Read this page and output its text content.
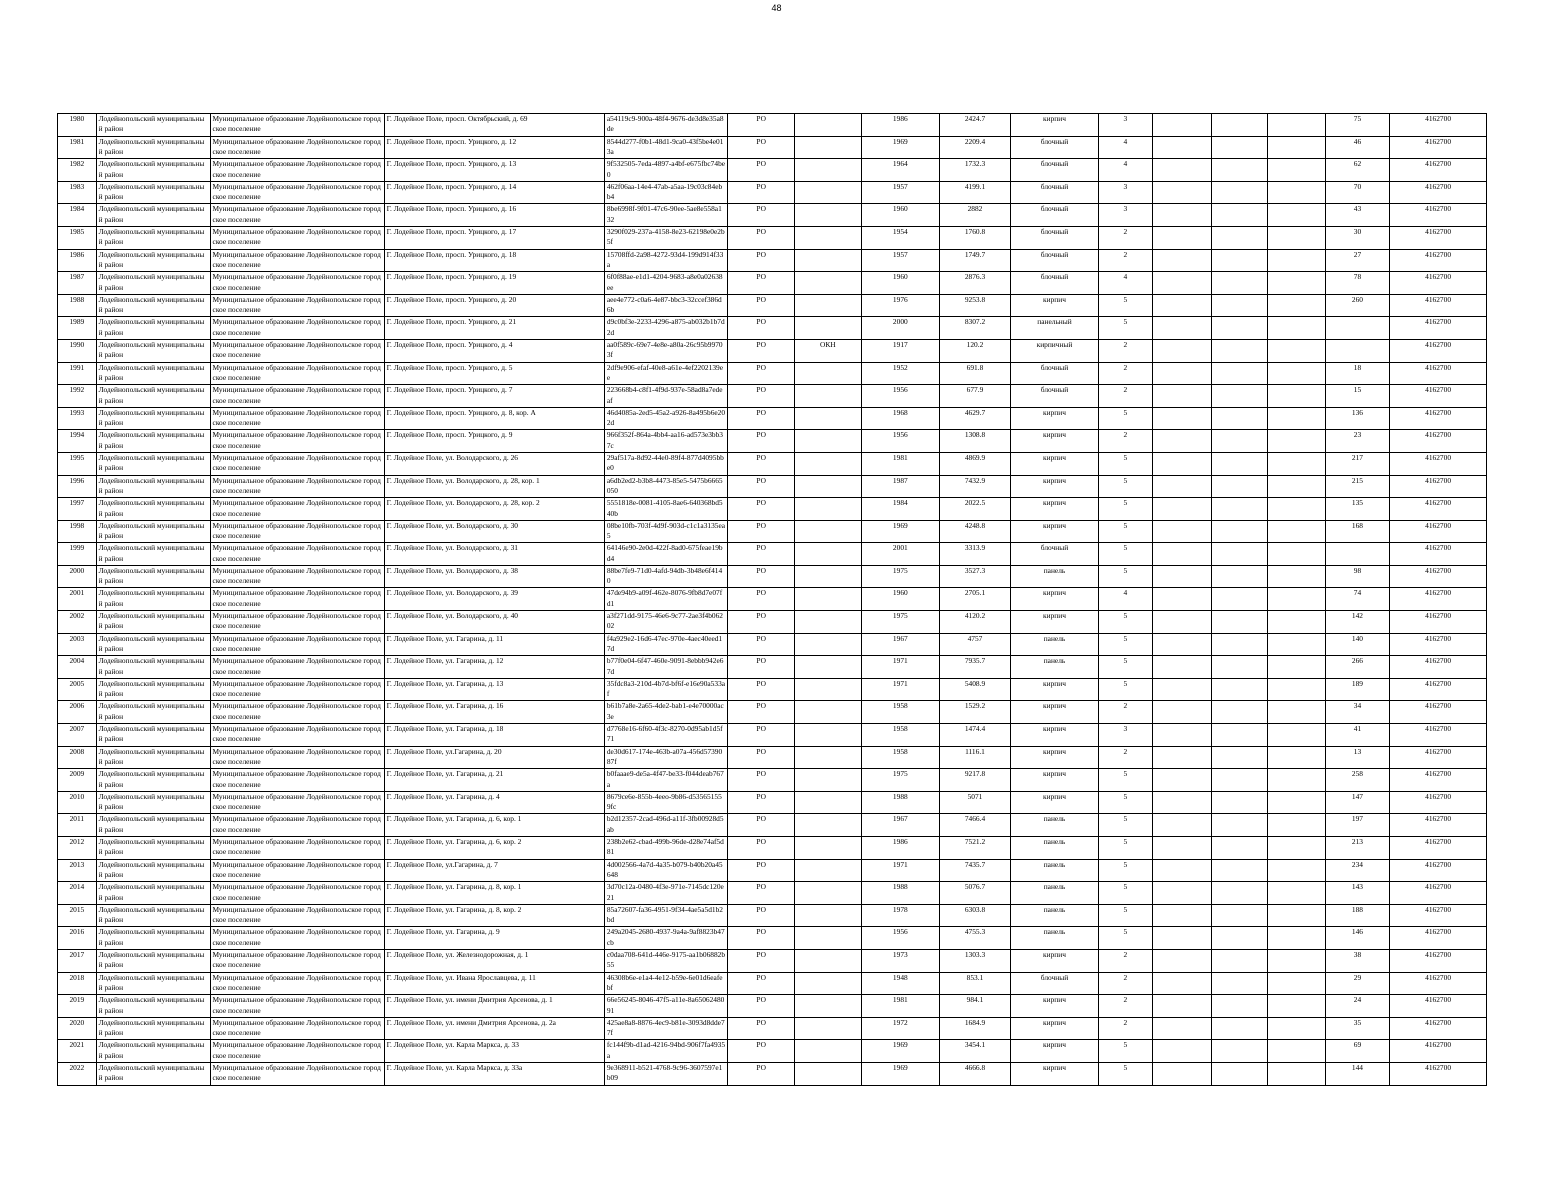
48
1980	Лодейнопольский муниципальный район	Муниципальное образование Лодейнопольское городское поселение	Г. Лодейное Поле, просп. Октябрьский, д. 69	a54119c9-900a-48f4-9676-de3d8e35a8de	РО		1986	2424.7	кирпич	3				75	4162700
1981	Лодейнопольский муниципальный район	Муниципальное образование Лодейнопольское городское поселение	Г. Лодейное Поле, просп. Урицкого, д. 12	8544d277-f0b1-48d1-9ca0-43f5be4e013a	РО		1969	2209.4	блочный	4				46	4162700
1982	Лодейнопольский муниципальный район	Муниципальное образование Лодейнопольское городское поселение	Г. Лодейное Поле, просп. Урицкого, д. 13	9f532505-7eda-4897-a4bf-e675fbc74be0	РО		1964	1732.3	блочный	4				62	4162700
1983	Лодейнопольский муниципальный район	Муниципальное образование Лодейнопольское городское поселение	Г. Лодейное Поле, просп. Урицкого, д. 14	462f06aa-14e4-47ab-a5aa-19c03c84ebb4	РО		1957	4199.1	блочный	3				70	4162700
1984	Лодейнопольский муниципальный район	Муниципальное образование Лодейнопольское городское поселение	Г. Лодейное Поле, просп. Урицкого, д. 16	8be6998f-9f01-47c6-90ee-5ae8e558a132	РО		1960	2882	блочный	3				43	4162700
1985	Лодейнопольский муниципальный район	Муниципальное образование Лодейнопольское городское поселение	Г. Лодейное Поле, просп. Урицкого, д. 17	3290f029-237a-4158-8e23-62198e0e2b5f	РО		1954	1760.8	блочный	2				30	4162700
1986	Лодейнопольский муниципальный район	Муниципальное образование Лодейнопольское городское поселение	Г. Лодейное Поле, просп. Урицкого, д. 18	15708ffd-2a98-4272-93d4-199d914f33a	РО		1957	1749.7	блочный	2				27	4162700
1987	Лодейнопольский муниципальный район	Муниципальное образование Лодейнопольское городское поселение	Г. Лодейное Поле, просп. Урицкого, д. 19	6f0f88ae-e1d1-4204-9683-a8e0a02638ee	РО		1960	2876.3	блочный	4				78	4162700
1988	Лодейнопольский муниципальный район	Муниципальное образование Лодейнопольское городское поселение	Г. Лодейное Поле, просп. Урицкого, д. 20	aee4e772-c0a6-4e87-bbc3-32ccef386d6b	РО		1976	9253.8	кирпич	5				260	4162700
1989	Лодейнопольский муниципальный район	Муниципальное образование Лодейнопольское городское поселение	Г. Лодейное Поле, просп. Урицкого, д. 21	d9c0bf3e-2233-4296-a875-ab032b1b7d2d	РО		2000	8307.2	панельный	5					4162700
1990	Лодейнопольский муниципальный район	Муниципальное образование Лодейнопольское городское поселение	Г. Лодейное Поле, просп. Урицкого, д. 4	aa0f589c-69e7-4e8e-a80a-26c95b99703f	РО	ОКН	1917	120.2	кирпичный	2					4162700
1991	Лодейнопольский муниципальный район	Муниципальное образование Лодейнопольское городское поселение	Г. Лодейное Поле, просп. Урицкого, д. 5	2df9e906-efaf-40e8-a61e-4ef2202139ee	РО		1952	691.8	блочный	2				18	4162700
1992	Лодейнопольский муниципальный район	Муниципальное образование Лодейнопольское городское поселение	Г. Лодейное Поле, просп. Урицкого, д. 7	223668b4-c8f1-4f9d-937e-58ad8a7edeaf	РО		1956	677.9	блочный	2				15	4162700
1993	Лодейнопольский муниципальный район	Муниципальное образование Лодейнопольское городское поселение	Г. Лодейное Поле, просп. Урицкого, д. 8, кор. А	46d4085a-2ed5-45a2-a926-8a495b6e202d	РО		1968	4629.7	кирпич	5				136	4162700
1994	Лодейнопольский муниципальный район	Муниципальное образование Лодейнопольское городское поселение	Г. Лодейное Поле, просп. Урицкого, д. 9	966f352f-864a-4bb4-aa16-ad573e3bb37c	РО		1956	1308.8	кирпич	2				23	4162700
1995	Лодейнопольский муниципальный район	Муниципальное образование Лодейнопольское городское поселение	Г. Лодейное Поле, ул. Володарского, д. 26	29af517a-8d92-44e0-89f4-877d4095bbe0	РО		1981	4869.9	кирпич	5				217	4162700
1996	Лодейнопольский муниципальный район	Муниципальное образование Лодейнопольское городское поселение	Г. Лодейное Поле, ул. Володарского, д. 28, кор. 1	a6db2ed2-b3b8-4473-85e5-5475b6665050	РО		1987	7432.9	кирпич	5				215	4162700
1997	Лодейнопольский муниципальный район	Муниципальное образование Лодейнопольское городское поселение	Г. Лодейное Поле, ул. Володарского, д. 28, кор. 2	5551818e-0081-4105-8ae6-640368bd540b	РО		1984	2022.5	кирпич	5				135	4162700
1998	Лодейнопольский муниципальный район	Муниципальное образование Лодейнопольское городское поселение	Г. Лодейное Поле, ул. Володарского, д. 30	08be10fb-703f-4d9f-903d-c1c1a3135ea5	РО		1969	4248.8	кирпич	5				168	4162700
1999	Лодейнопольский муниципальный район	Муниципальное образование Лодейнопольское городское поселение	Г. Лодейное Поле, ул. Володарского, д. 31	64146e90-2e0d-422f-8ad0-675feae19bd4	РО		2001	3313.9	блочный	5					4162700
2000	Лодейнопольский муниципальный район	Муниципальное образование Лодейнопольское городское поселение	Г. Лодейное Поле, ул. Володарского, д. 38	88be7fe9-71d0-4afd-94db-3b48e6f4140	РО		1975	3527.3	панель	5				98	4162700
2001	Лодейнопольский муниципальный район	Муниципальное образование Лодейнопольское городское поселение	Г. Лодейное Поле, ул. Володарского, д. 39	47de94b9-a09f-462e-8076-9fb8d7e07fd1	РО		1960	2705.1	кирпич	4				74	4162700
2002	Лодейнопольский муниципальный район	Муниципальное образование Лодейнопольское городское поселение	Г. Лодейное Поле, ул. Володарского, д. 40	a3f271dd-9175-46e6-9c77-2ae3f4b06202	РО		1975	4120.2	кирпич	5				142	4162700
2003	Лодейнопольский муниципальный район	Муниципальное образование Лодейнопольское городское поселение	Г. Лодейное Поле, ул. Гагарина, д. 11	f4a929e2-16d6-47ec-970e-4aec40eed17d	РО		1967	4757	панель	5				140	4162700
2004	Лодейнопольский муниципальный район	Муниципальное образование Лодейнопольское городское поселение	Г. Лодейное Поле, ул. Гагарина, д. 12	b77f0e04-6f47-460e-9091-8ebbb942e67d	РО		1971	7935.7	панель	5				266	4162700
2005	Лодейнопольский муниципальный район	Муниципальное образование Лодейнопольское городское поселение	Г. Лодейное Поле, ул. Гагарина, д. 13	35fdc8a3-210d-4b7d-bf6f-e16e90a533af	РО		1971	5408.9	кирпич	5				189	4162700
2006	Лодейнопольский муниципальный район	Муниципальное образование Лодейнопольское городское поселение	Г. Лодейное Поле, ул. Гагарина, д. 16	b61b7a8e-2a65-4de2-bab1-e4e70000ac3e	РО		1958	1529.2	кирпич	2				34	4162700
2007	Лодейнопольский муниципальный район	Муниципальное образование Лодейнопольское городское поселение	Г. Лодейное Поле, ул. Гагарина, д. 18	d7768e16-6f60-4f3c-8270-0d95ab1d5f71	РО		1958	1474.4	кирпич	3				41	4162700
2008	Лодейнопольский муниципальный район	Муниципальное образование Лодейнопольское городское поселение	Г. Лодейное Поле, ул.Гагарина, д. 20	de30d617-174e-463b-a07a-456d5739087f	РО		1958	1116.1	кирпич	2				13	4162700
2009	Лодейнопольский муниципальный район	Муниципальное образование Лодейнопольское городское поселение	Г. Лодейное Поле, ул. Гагарина, д. 21	b0faaae9-de5a-4f47-be33-f044deab767a	РО		1975	9217.8	кирпич	5				258	4162700
2010	Лодейнопольский муниципальный район	Муниципальное образование Лодейнопольское городское поселение	Г. Лодейное Поле, ул. Гагарина, д. 4	8679ce6e-855b-4eeo-9b86-d535651559fc	РО		1988	5071	кирпич	5				147	4162700
2011	Лодейнопольский муниципальный район	Муниципальное образование Лодейнопольское городское поселение	Г. Лодейное Поле, ул. Гагарина, д. 6, кор. 1	b2d12357-2cad-496d-a11f-3fb00928d5ab	РО		1967	7466.4	панель	5				197	4162700
2012	Лодейнопольский муниципальный район	Муниципальное образование Лодейнопольское городское поселение	Г. Лодейное Поле, ул. Гагарина, д. 6, кор. 2	238b2e62-cbad-499b-96de-d28e74af5d81	РО		1986	7521.2	панель	5				213	4162700
2013	Лодейнопольский муниципальный район	Муниципальное образование Лодейнопольское городское поселение	Г. Лодейное Поле, ул.Гагарина, д. 7	4d002566-4a7d-4a35-b079-b40b20a45648	РО		1971	7435.7	панель	5				234	4162700
2014	Лодейнопольский муниципальный район	Муниципальное образование Лодейнопольское городское поселение	Г. Лодейное Поле, ул. Гагарина, д. 8, кор. 1	3d70c12a-0480-4f3e-971e-7145dc120e21	РО		1988	5076.7	панель	5				143	4162700
2015	Лодейнопольский муниципальный район	Муниципальное образование Лодейнопольское городское поселение	Г. Лодейное Поле, ул. Гагарина, д. 8, кор. 2	85a72607-fa36-4951-9f34-4ae5a5d1b2bd	РО		1978	6303.8	панель	5				188	4162700
2016	Лодейнопольский муниципальный район	Муниципальное образование Лодейнопольское городское поселение	Г. Лодейное Поле, ул. Гагарина, д. 9	249a2045-2680-4937-9a4a-9af8823b47cb	РО		1956	4755.3	панель	5				146	4162700
2017	Лодейнопольский муниципальный район	Муниципальное образование Лодейнопольское городское поселение	Г. Лодейное Поле, ул. Железнодорожная, д. 1	c0daa708-641d-446e-9175-aa1b06882b55	РО		1973	1303.3	кирпич	2				38	4162700
2018	Лодейнопольский муниципальный район	Муниципальное образование Лодейнопольское городское поселение	Г. Лодейное Поле, ул. Ивана Ярославцева, д. 11	46308b6e-e1a4-4e12-b59e-6e01d6eafebf	РО		1948	853.1	блочный	2				29	4162700
2019	Лодейнопольский муниципальный район	Муниципальное образование Лодейнопольское городское поселение	Г. Лодейное Поле, ул. имени Дмитрия Арсенова, д. 1	66e56245-8046-47f5-a11e-8a6506248091	РО		1981	984.1	кирпич	2				24	4162700
2020	Лодейнопольский муниципальный район	Муниципальное образование Лодейнопольское городское поселение	Г. Лодейное Поле, ул. имени Дмитрия Арсенова, д. 2а	425ae8a8-8876-4ec9-b81e-3093d8dde77f	РО		1972	1684.9	кирпич	2				35	4162700
2021	Лодейнопольский муниципальный район	Муниципальное образование Лодейнопольское городское поселение	Г. Лодейное Поле, ул. Карла Маркса, д. 33	fc144f9b-d1ad-4216-94bd-906f7fa4935a	РО		1969	3454.1	кирпич	5				69	4162700
2022	Лодейнопольский муниципальный район	Муниципальное образование Лодейнопольское городское поселение	Г. Лодейное Поле, ул. Карла Маркса, д. 33а	9e368911-b521-4768-9c96-3607597e1b09	РО		1969	4666.8	кирпич	5				144	4162700
